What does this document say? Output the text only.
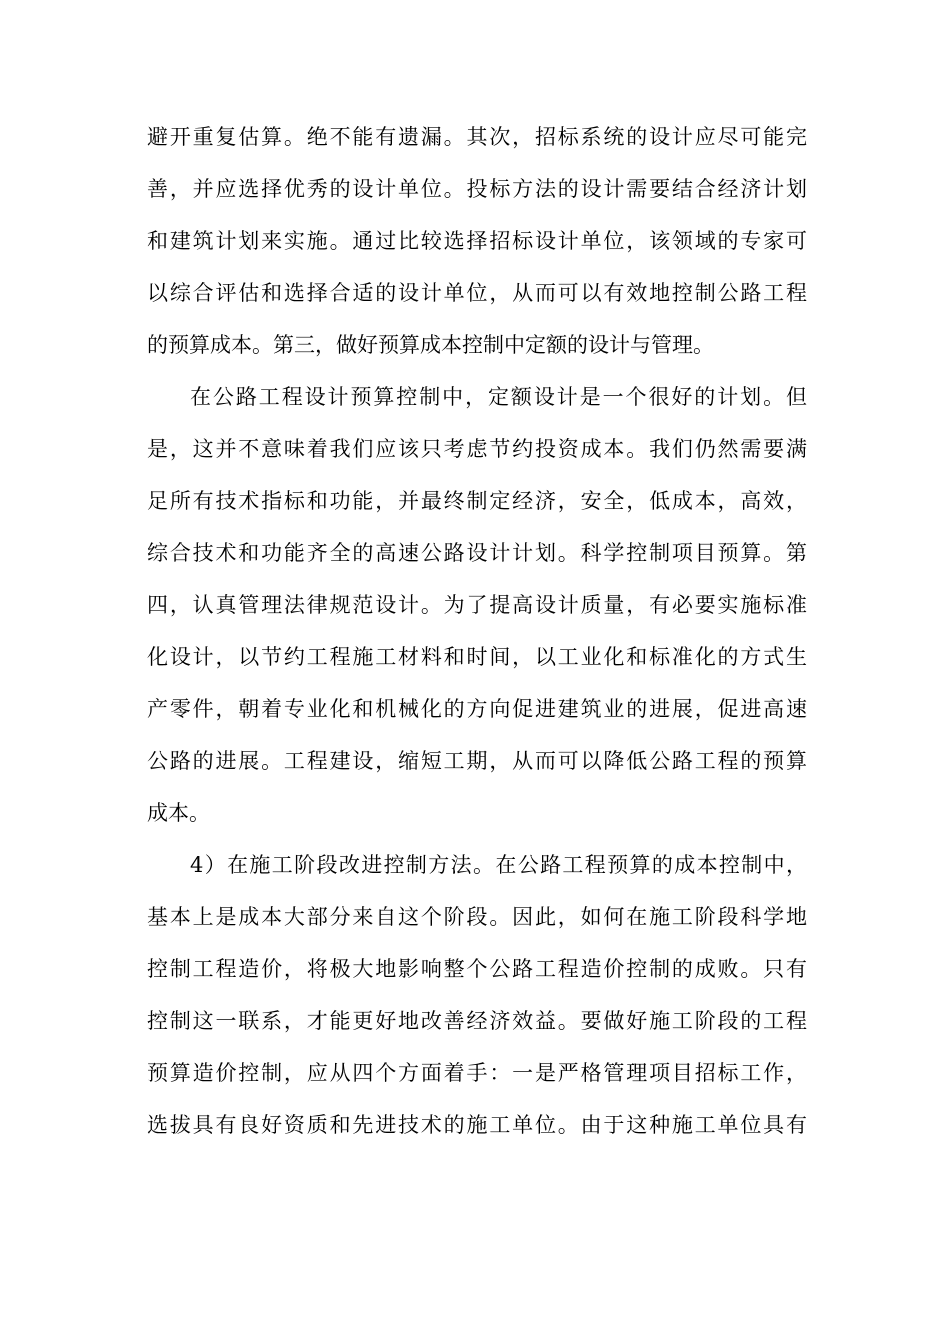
避开重复估算。绝不能有遗漏。其次，招标系统的设计应尽可能完
善，并应选择优秀的设计单位。投标方法的设计需要结合经济计划
和建筑计划来实施。通过比较选择招标设计单位，该领域的专家可
以综合评估和选择合适的设计单位，从而可以有效地控制公路工程
的预算成本。第三，做好预算成本控制中定额的设计与管理。
在公路工程设计预算控制中，定额设计是一个很好的计划。但
是，这并不意味着我们应该只考虑节约投资成本。我们仍然需要满
足所有技术指标和功能，并最终制定经济，安全，低成本，高效，
综合技术和功能齐全的高速公路设计计划。科学控制项目预算。第
四，认真管理法律规范设计。为了提高设计质量，有必要实施标准
化设计，以节约工程施工材料和时间，以工业化和标准化的方式生
产零件，朝着专业化和机械化的方向促进建筑业的进展，促进高速
公路的进展。工程建设，缩短工期，从而可以降低公路工程的预算
成本。
4）在施工阶段改进控制方法。在公路工程预算的成本控制中，
基本上是成本大部分来自这个阶段。因此，如何在施工阶段科学地
控制工程造价，将极大地影响整个公路工程造价控制的成败。只有
控制这一联系，才能更好地改善经济效益。要做好施工阶段的工程
预算造价控制，应从四个方面着手：一是严格管理项目招标工作，
选拔具有良好资质和先进技术的施工单位。由于这种施工单位具有
